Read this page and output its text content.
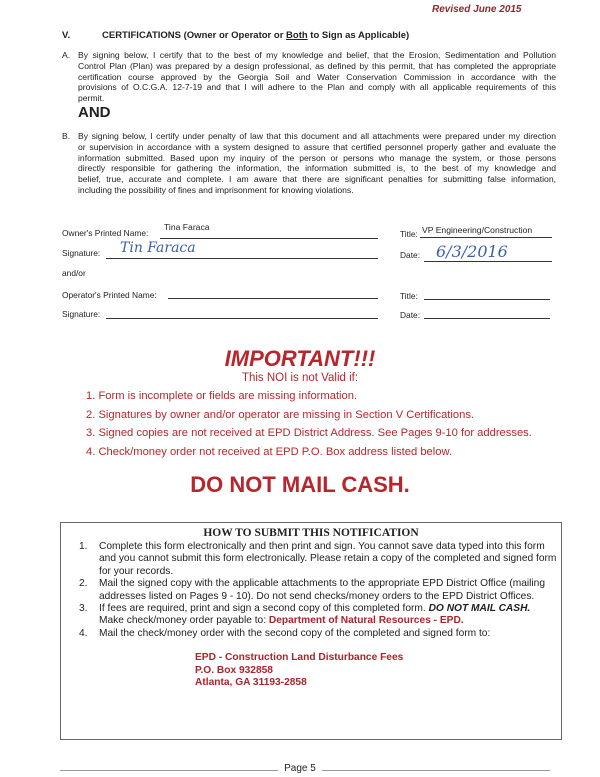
Revised June 2015
V.	CERTIFICATIONS (Owner or Operator or Both to Sign as Applicable)
A. By signing below, I certify that to the best of my knowledge and belief, that the Erosion, Sedimentation and Pollution
Control Plan (Plan) was prepared by a design professional, as defined by this permit, that has completed the appropriate
certification course approved by the Georgia Soil and Water Conservation Commission in accordance with the
provisions of O.C.G.A. 12-7-19 and that I will adhere to the Plan and comply with all applicable requirements of this
permit.
AND
B. By signing below, I certify under penalty of law that this document and all attachments were prepared under my direction
or supervision in accordance with a system designed to assure that certified personnel properly gather and evaluate the
information submitted. Based upon my inquiry of the person or persons who manage the system, or those persons
directly responsible for gathering the information, the information submitted is, to the best of my knowledge and
belief, true, accurate and complete. I am aware that there are significant penalties for submitting false information,
including the possibility of fines and imprisonment for knowing violations.
Owner's Printed Name:
Tina Faraca
Title: VP Engineering/Construction
Signature: Tin Faraca	Date: 6/3/2016
and/or
Operator's Printed Name:	Title:
Signature:	Date:
IMPORTANT!!!
This NOI is not Valid if:
1. Form is incomplete or fields are missing information.
2. Signatures by owner and/or operator are missing in Section V Certifications.
3. Signed copies are not received at EPD District Address. See Pages 9-10 for addresses.
4. Check/money order not received at EPD P.O. Box address listed below.
DO NOT MAIL CASH.
HOW TO SUBMIT THIS NOTIFICATION
1. Complete this form electronically and then print and sign. You cannot save data typed into this form and you cannot submit this form electronically. Please retain a copy of the completed and signed form for your records.
2. Mail the signed copy with the applicable attachments to the appropriate EPD District Office (mailing addresses listed on Pages 9 - 10). Do not send checks/money orders to the EPD District Offices.
3. If fees are required, print and sign a second copy of this completed form. DO NOT MAIL CASH.
Make check/money order payable to: Department of Natural Resources - EPD.
4. Mail the check/money order with the second copy of the completed and signed form to:
EPD - Construction Land Disturbance Fees
P.O. Box 932858
Atlanta, GA 31193-2858
Page 5
